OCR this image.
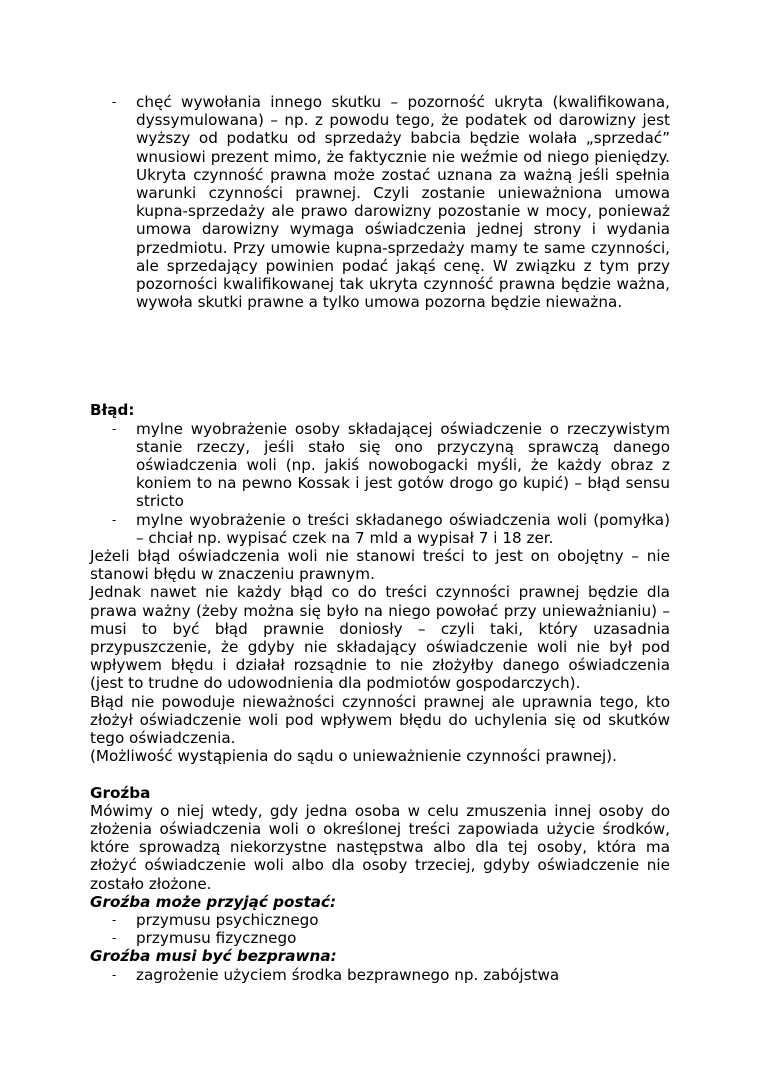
- chęć wywołania innego skutku – pozorność ukryta (kwalifikowana, dyssymulowana) – np. z powodu tego, że podatek od darowizny jest wyższy od podatku od sprzedaży babcia będzie wolała „sprzedać” wnusiowi prezent mimo, że faktycznie nie weźmie od niego pieniędzy. Ukryta czynność prawna może zostać uznana za ważną jeśli spełnia warunki czynności prawnej. Czyli zostanie unieważniona umowa kupna-sprzedaży ale prawo darowizny pozostanie w mocy, ponieważ umowa darowizny wymaga oświadczenia jednej strony i wydania przedmiotu. Przy umowie kupna-sprzedaży mamy te same czynności, ale sprzedający powinien podać jakąś cenę. W związku z tym przy pozorności kwalifikowanej tak ukryta czynność prawna będzie ważna, wywoła skutki prawne a tylko umowa pozorna będzie nieważna.

Błąd:

- mylne wyobrażenie osoby składającej oświadczenie o rzeczywistym stanie rzeczy, jeśli stało się ono przyczyną sprawczą danego oświadczenia woli (np. jakiś nowobogacki myśli, że każdy obraz z koniem to na pewno Kossak i jest gotów drogo go kupić) – błąd sensu stricto
- mylne wyobrażenie o treści składanego oświadczenia woli (pomyłka) – chciał np. wypisać czek na 7 mld a wypisał 7 i 18 zer.

Jeżeli błąd oświadczenia woli nie stanowi treści to jest on obojętny – nie stanowi błędu w znaczeniu prawnym.

Jednak nawet nie każdy błąd co do treści czynności prawnej będzie dla prawa ważny (żeby można się było na niego powołać przy unieważnianiu) – musi to być błąd prawnie doniosły – czyli taki, który uzasadnia przypuszczenie, że gdyby nie składający oświadczenie woli nie był pod wpływem błędu i działał rozsądnie to nie złożyłby danego oświadczenia (jest to trudne do udowodnienia dla podmiotów gospodarczych).

Błąd nie powoduje nieważności czynności prawnej ale uprawnia tego, kto złożył oświadczenie woli pod wpływem błędu do uchylenia się od skutków tego oświadczenia.

(Możliwość wystąpienia do sądu o unieważnienie czynności prawnej).

Groźba

Mówimy o niej wtedy, gdy jedna osoba w celu zmuszenia innej osoby do złożenia oświadczenia woli o określonej treści zapowiada użycie środków, które sprowadzą niekorzystne następstwa albo dla tej osoby, która ma złożyć oświadczenie woli albo dla osoby trzeciej, gdyby oświadczenie nie zostało złożone.

Groźba może przyjąć postać:

- przymusu psychicznego
- przymusu fizycznego

Groźba musi być bezprawna:

- zagrożenie użyciem środka bezprawnego np. zabójstwa
